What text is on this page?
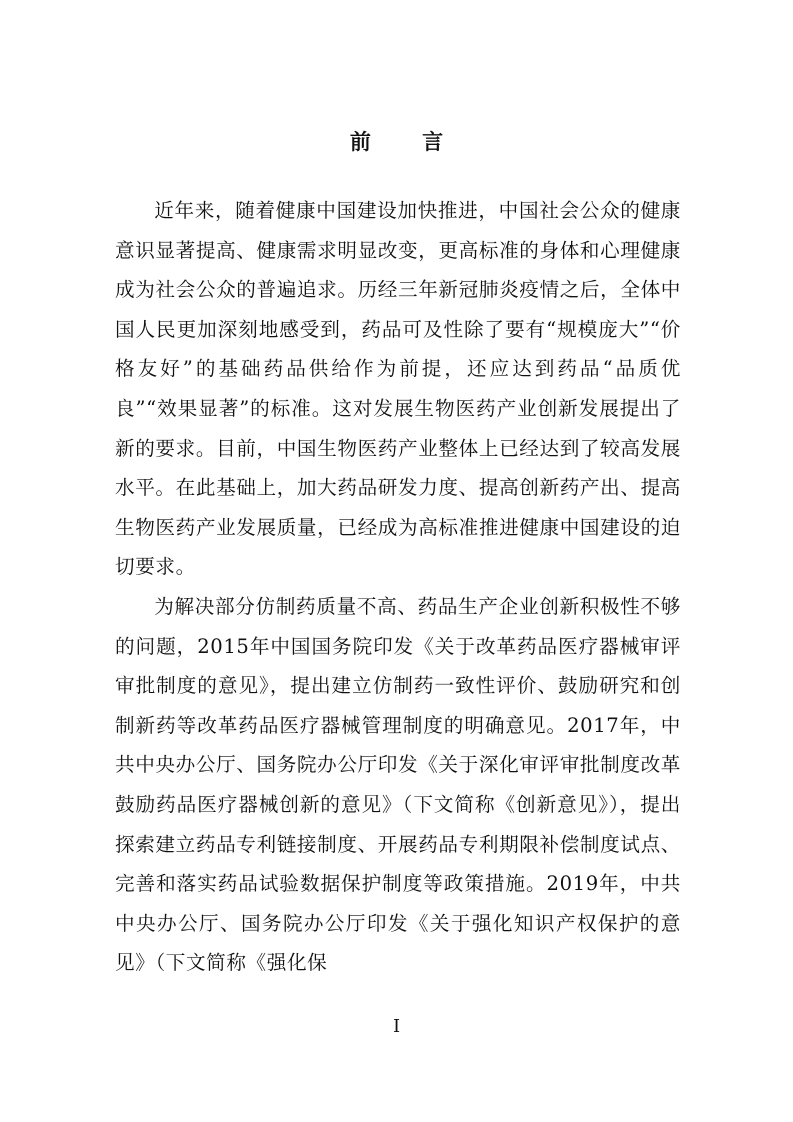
前 言

近年来，随着健康中国建设加快推进，中国社会公众的健康意识显著提高、健康需求明显改变，更高标准的身体和心理健康成为社会公众的普遍追求。历经三年新冠肺炎疫情之后，全体中国人民更加深刻地感受到，药品可及性除了要有“规模庞大”“价格友好”的基础药品供给作为前提，还应达到药品“品质优良”“效果显著”的标准。这对发展生物医药产业创新发展提出了新的要求。目前，中国生物医药产业整体上已经达到了较高发展水平。在此基础上，加大药品研发力度、提高创新药产出、提高生物医药产业发展质量，已经成为高标准推进健康中国建设的迫切要求。

为解决部分仿制药质量不高、药品生产企业创新积极性不够的问题，2015年中国国务院印发《关于改革药品医疗器械审评审批制度的意见》，提出建立仿制药一致性评价、鼓励研究和创制新药等改革药品医疗器械管理制度的明确意见。2017年，中共中央办公厅、国务院办公厅印发《关于深化审评审批制度改革鼓励药品医疗器械创新的意见》（下文简称《创新意见》），提出探索建立药品专利链接制度、开展药品专利期限补偿制度试点、完善和落实药品试验数据保护制度等政策措施。2019年，中共中央办公厅、国务院办公厅印发《关于强化知识产权保护的意见》（下文简称《强化保

I
